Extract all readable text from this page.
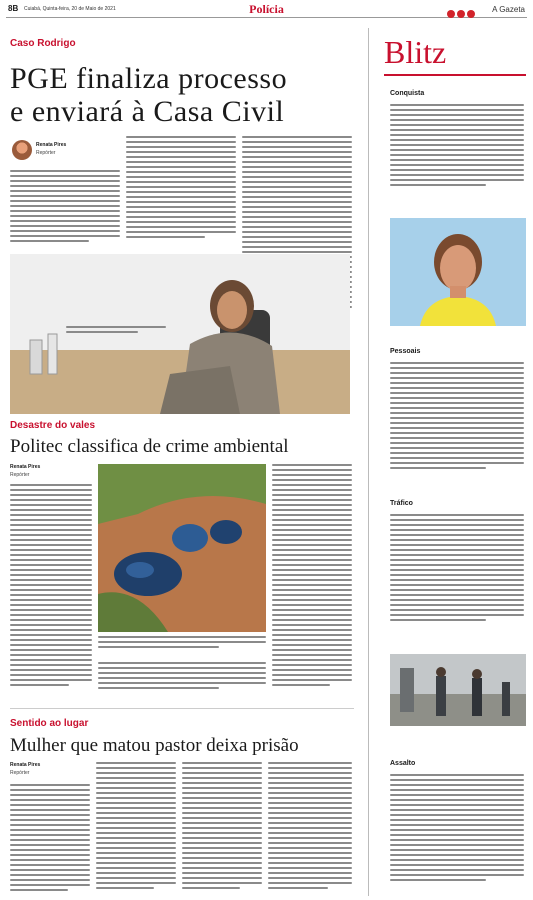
8B Cuiabá, Quinta-feira, 20 de Maio de 2021	Polícia	A Gazeta
Caso Rodrigo
PGE finaliza processo
e enviará à Casa Civil
Renata Pires
Repórter
Desastre do vales
Politec classifica de crime ambiental
Renata Pires
Repórter
Sentido ao lugar
Mulher que matou pastor deixa prisão
Renata Pires
Repórter
Blitz
Conquista
Pessoais
Tráfico
Assalto
